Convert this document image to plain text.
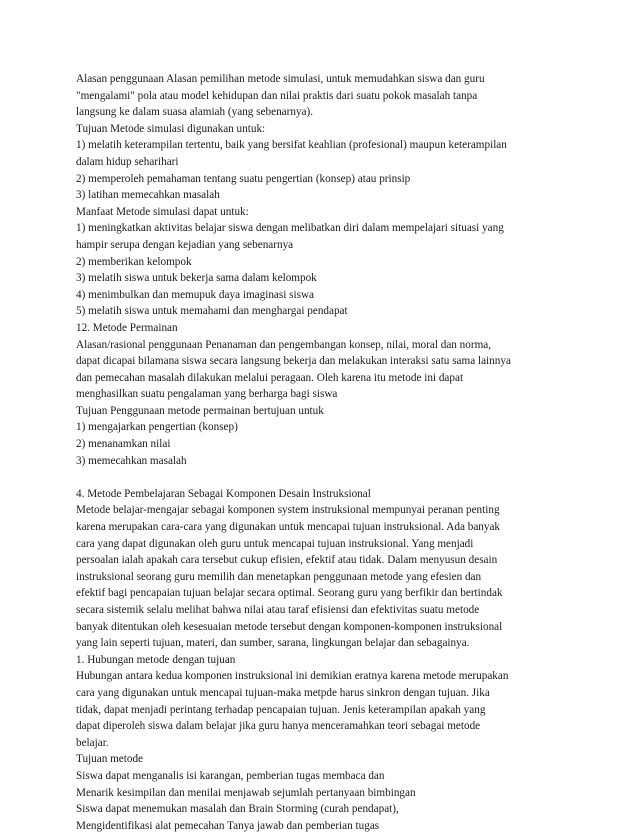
Alasan penggunaan Alasan pemilihan metode simulasi, untuk memudahkan siswa dan guru
"mengalami" pola atau model kehidupan dan nilai praktis dari suatu pokok masalah tanpa
langsung ke dalam suasa alamiah (yang sebenarnya).
Tujuan Metode simulasi digunakan untuk:
1) melatih keterampilan tertentu, baik yang bersifat keahlian (profesional) maupun keterampilan
dalam hidup seharihari
2) memperoleh pemahaman tentang suatu pengertian (konsep) atau prinsip
3) latihan memecahkan masalah
Manfaat Metode simulasi dapat untuk:
1) meningkatkan aktivitas belajar siswa dengan melibatkan diri dalam mempelajari situasi yang
hampir serupa dengan kejadian yang sebenarnya
2) memberikan kelompok
3) melatih siswa untuk bekerja sama dalam kelompok
4) menimbulkan dan memupuk daya imaginasi siswa
5) melatih siswa untuk memahami dan menghargai pendapat
12. Metode Permainan
Alasan/rasional penggunaan Penanaman dan pengembangan konsep, nilai, moral dan norma,
dapat dicapai bilamana siswa secara langsung bekerja dan melakukan interaksi satu sama lainnya
dan pemecahan masalah dilakukan melalui peragaan. Oleh karena itu metode ini dapat
menghasilkan suatu pengalaman yang berharga bagi siswa
Tujuan Penggunaan metode permainan bertujuan untuk
1) mengajarkan pengertian (konsep)
2) menanamkan nilai
3) memecahkan masalah
4. Metode Pembelajaran Sebagai Komponen Desain Instruksional
Metode belajar-mengajar sebagai komponen system instruksional mempunyai peranan penting
karena merupakan cara-cara yang digunakan untuk mencapai tujuan instruksional. Ada banyak
cara yang dapat digunakan oleh guru untuk mencapai tujuan instruksional. Yang menjadi
persoalan ialah apakah cara tersebut cukup efisien, efektif atau tidak. Dalam menyusun desain
instruksional seorang guru memilih dan menetapkan penggunaan metode yang efesien dan
efektif bagi pencapaian tujuan belajar secara optimal. Seorang guru yang berfikir dan bertindak
secara sistemik selalu melihat bahwa nilai atau taraf efisiensi dan efektivitas suatu metode
banyak ditentukan oleh kesesuaian metode tersebut dengan komponen-komponen instruksional
yang lain seperti tujuan, materi, dan sumber, sarana, lingkungan belajar dan sebagainya.
1. Hubungan metode dengan tujuan
Hubungan antara kedua komponen instruksional ini demikian eratnya karena metode merupakan
cara yang digunakan untuk mencapai tujuan-maka metpde harus sinkron dengan tujuan. Jika
tidak, dapat menjadi perintang terhadap pencapaian tujuan. Jenis keterampilan apakah yang
dapat diperoleh siswa dalam belajar jika guru hanya menceramahkan teori sebagai metode
belajar.
Tujuan metode
Siswa dapat menganalis isi karangan, pemberian tugas membaca dan
Menarik kesimpilan dan menilai menjawab sejumlah pertanyaan bimbingan
Siswa dapat menemukan masalah dan Brain Storming (curah pendapat),
Mengidentifikasi alat pemecahan Tanya jawab dan pemberian tugas
